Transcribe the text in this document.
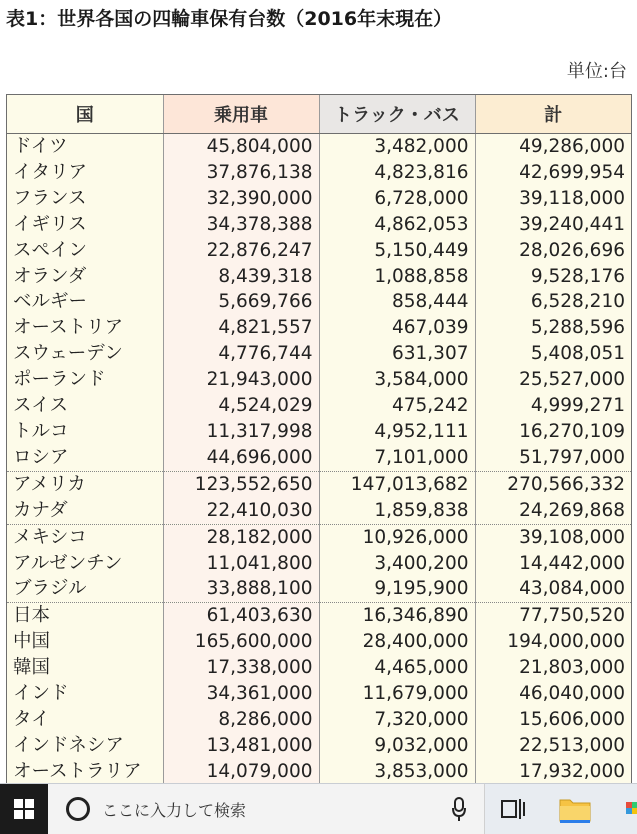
表1：世界各国の四輪車保有台数（2016年末現在）
単位:台
国	乗用車	トラック・バス	計
ドイツ	45,804,000	3,482,000	49,286,000
イタリア	37,876,138	4,823,816	42,699,954
フランス	32,390,000	6,728,000	39,118,000
イギリス	34,378,388	4,862,053	39,240,441
スペイン	22,876,247	5,150,449	28,026,696
オランダ	8,439,318	1,088,858	9,528,176
ベルギー	5,669,766	858,444	6,528,210
オーストリア	4,821,557	467,039	5,288,596
スウェーデン	4,776,744	631,307	5,408,051
ポーランド	21,943,000	3,584,000	25,527,000
スイス	4,524,029	475,242	4,999,271
トルコ	11,317,998	4,952,111	16,270,109
ロシア	44,696,000	7,101,000	51,797,000
アメリカ	123,552,650	147,013,682	270,566,332
カナダ	22,410,030	1,859,838	24,269,868
メキシコ	28,182,000	10,926,000	39,108,000
アルゼンチン	11,041,800	3,400,200	14,442,000
ブラジル	33,888,100	9,195,900	43,084,000
日本	61,403,630	16,346,890	77,750,520
中国	165,600,000	28,400,000	194,000,000
韓国	17,338,000	4,465,000	21,803,000
インド	34,361,000	11,679,000	46,040,000
タイ	8,286,000	7,320,000	15,606,000
インドネシア	13,481,000	9,032,000	22,513,000
オーストラリア	14,079,000	3,853,000	17,932,000
ここに入力して検索
